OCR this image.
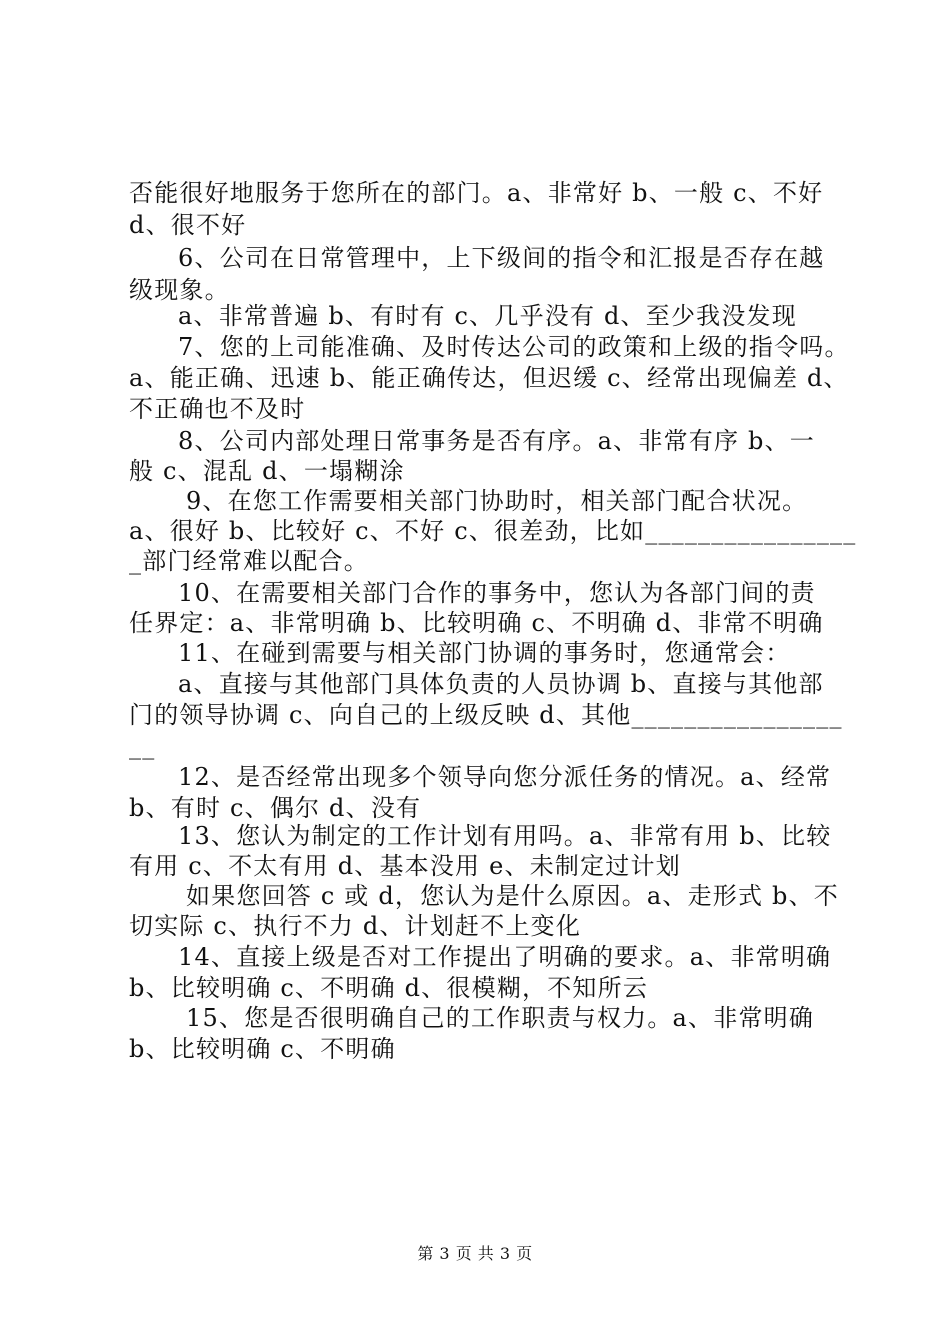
否能很好地服务于您所在的部门。a、非常好 b、一般 c、不好
d、很不好
6、公司在日常管理中，上下级间的指令和汇报是否存在越
级现象。
a、非常普遍 b、有时有 c、几乎没有 d、至少我没发现
7、您的上司能准确、及时传达公司的政策和上级的指令吗。
a、能正确、迅速 b、能正确传达，但迟缓 c、经常出现偏差 d、
不正确也不及时
8、公司内部处理日常事务是否有序。a、非常有序 b、一
般 c、混乱 d、一塌糊涂
9、在您工作需要相关部门协助时，相关部门配合状况。
a、很好 b、比较好 c、不好 c、很差劲，比如________________
_部门经常难以配合。
10、在需要相关部门合作的事务中，您认为各部门间的责
任界定：a、非常明确 b、比较明确 c、不明确 d、非常不明确
11、在碰到需要与相关部门协调的事务时，您通常会：
a、直接与其他部门具体负责的人员协调 b、直接与其他部
门的领导协调 c、向自己的上级反映 d、其他________________
__
12、是否经常出现多个领导向您分派任务的情况。a、经常
b、有时 c、偶尔 d、没有
13、您认为制定的工作计划有用吗。a、非常有用 b、比较
有用 c、不太有用 d、基本没用 e、未制定过计划
如果您回答 c 或 d，您认为是什么原因。a、走形式 b、不
切实际 c、执行不力 d、计划赶不上变化
14、直接上级是否对工作提出了明确的要求。a、非常明确
b、比较明确 c、不明确 d、很模糊，不知所云
15、您是否很明确自己的工作职责与权力。a、非常明确
b、比较明确 c、不明确
第 3 页 共 3 页
